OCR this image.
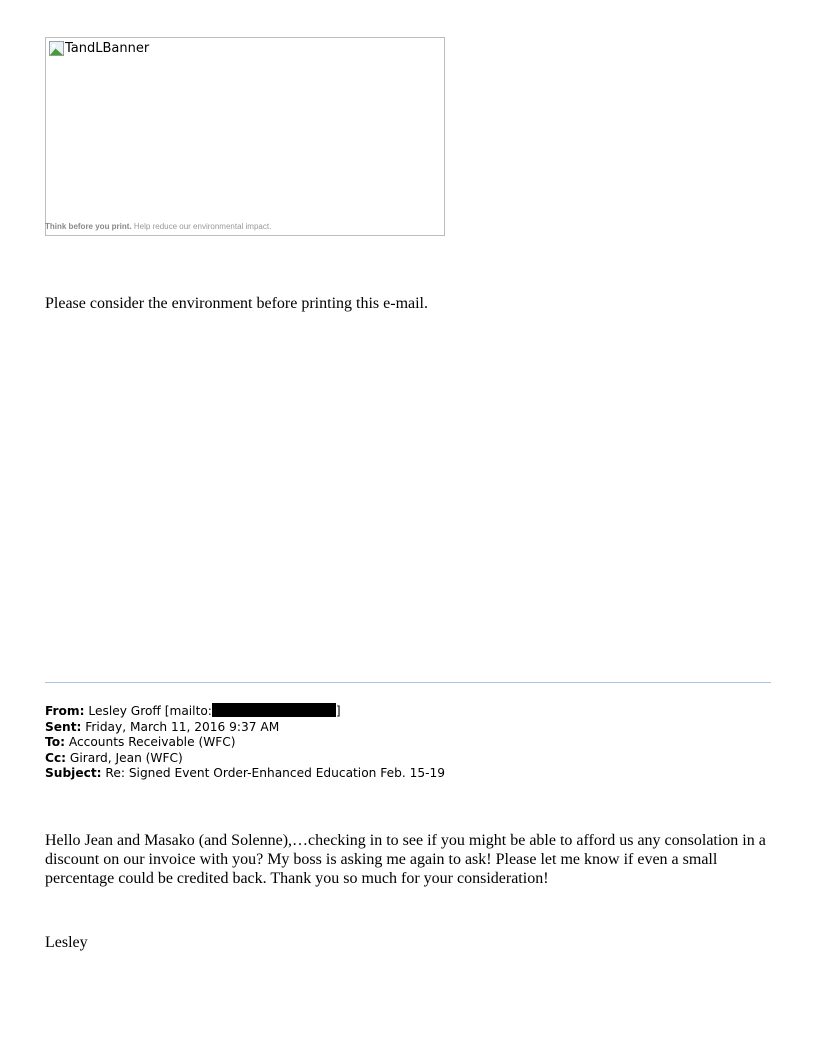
TandLBanner
Think before you print. Help reduce our environmental impact.
Please consider the environment before printing this e-mail.
From: Lesley Groff [mailto:	]
Sent: Friday, March 11, 2016 9:37 AM
To: Accounts Receivable (WFC)
Cc: Girard, Jean (WFC)
Subject: Re: Signed Event Order-Enhanced Education Feb. 15-19
Hello Jean and Masako (and Solenne),…checking in to see if you might be able to afford us any consolation in a discount on our invoice with you? My boss is asking me again to ask! Please let me know if even a small percentage could be credited back. Thank you so much for your consideration!
Lesley
